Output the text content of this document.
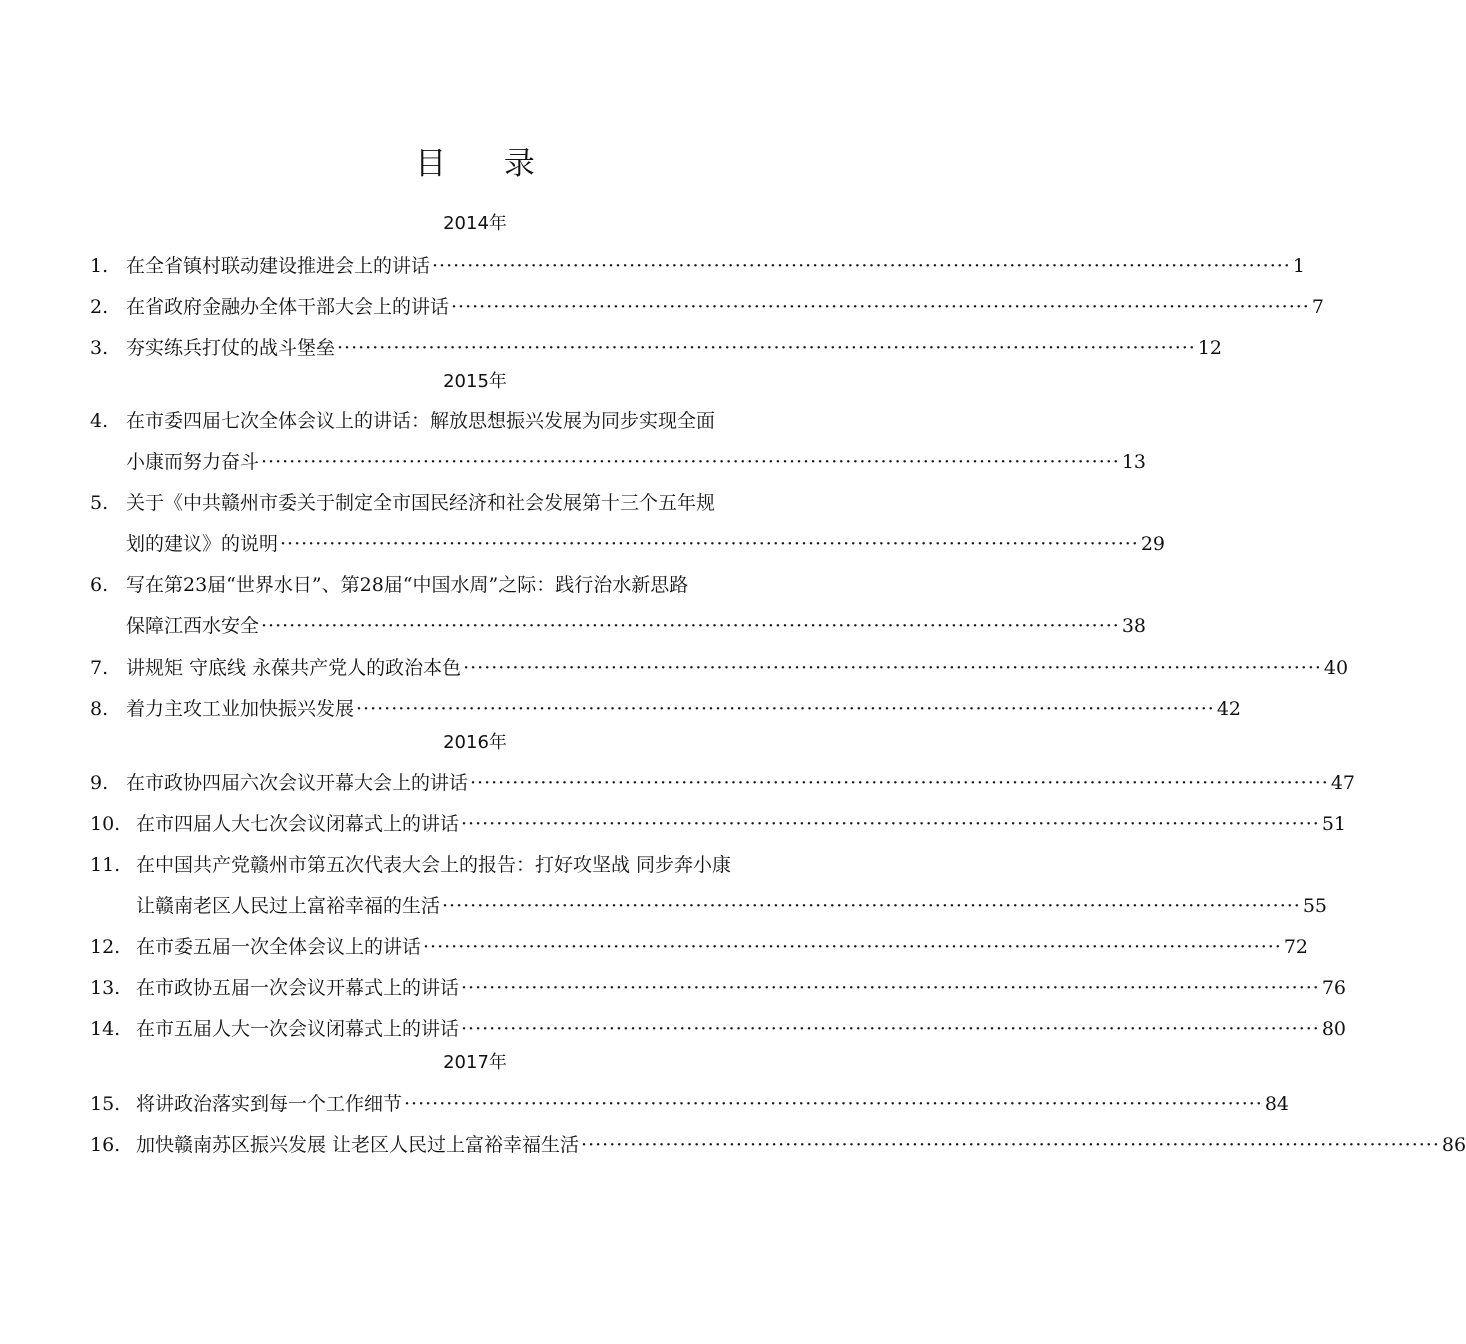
目 录
2014年
1. 在全省镇村联动建设推进会上的讲话 ·························································································································· 1
2. 在省政府金融办全体干部大会上的讲话 ·························································································································· 7
3. 夯实练兵打仗的战斗堡垒 ·························································································································· 12
2015年
4. 在市委四届七次全体会议上的讲话：解放思想振兴发展为同步实现全面
小康而努力奋斗 ·························································································································· 13
5. 关于《中共赣州市委关于制定全市国民经济和社会发展第十三个五年规
划的建议》的说明 ·························································································································· 29
6. 写在第23届“世界水日”、第28届“中国水周”之际：践行治水新思路
保障江西水安全 ·························································································································· 38
7. 讲规矩 守底线 永葆共产党人的政治本色 ·························································································································· 40
8. 着力主攻工业加快振兴发展 ·························································································································· 42
2016年
9. 在市政协四届六次会议开幕大会上的讲话 ·························································································································· 47
10. 在市四届人大七次会议闭幕式上的讲话 ·························································································································· 51
11. 在中国共产党赣州市第五次代表大会上的报告：打好攻坚战 同步奔小康
让赣南老区人民过上富裕幸福的生活 ·························································································································· 55
12. 在市委五届一次全体会议上的讲话 ·························································································································· 72
13. 在市政协五届一次会议开幕式上的讲话 ·························································································································· 76
14. 在市五届人大一次会议闭幕式上的讲话 ·························································································································· 80
2017年
15. 将讲政治落实到每一个工作细节 ·························································································································· 84
16. 加快赣南苏区振兴发展 让老区人民过上富裕幸福生活 ·························································································································· 86
